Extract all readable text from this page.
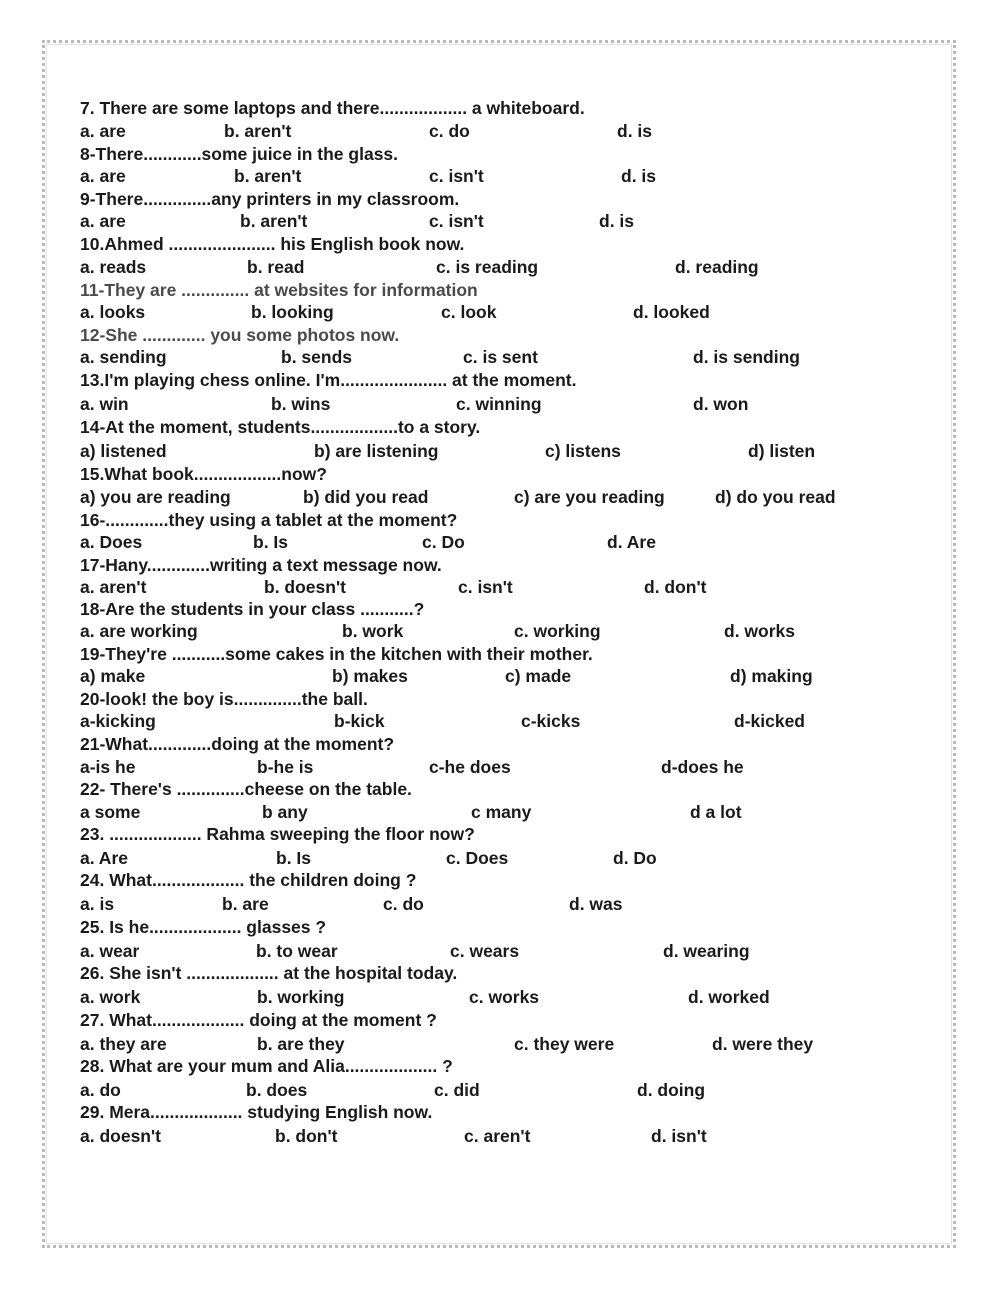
7. There are some laptops and there.................. a whiteboard.
a. are	b. aren't	c. do	d. is
8-There............some juice in the glass.
a. are	b. aren't	c. isn't	d. is
9-There..............any printers in my classroom.
a. are	b. aren't	c. isn't	d. is
10.Ahmed ...................... his English book now.
a. reads	b. read	c. is reading	d. reading
11-They are .............. at websites for information
a. looks	b. looking	c. look	d. looked
12-She ............. you some photos now.
a. sending	b. sends	c. is sent	d. is sending
13.I'm playing chess online. I'm...................... at the moment.
a. win	b. wins	c. winning	d. won
14-At the moment, students..................to a story.
a) listened	b) are listening	c) listens	d) listen
15.What book..................now?
a) you are reading	b) did you read	c) are you reading	d) do you read
16-.............they using a tablet at the moment?
a. Does	b. Is	c. Do	d. Are
17-Hany.............writing a text message now.
a. aren't	b. doesn't	c. isn't	d. don't
18-Are the students in your class ...........?
a. are working	b. work	c. working	d. works
19-They're ...........some cakes in the kitchen with their mother.
a) make	b) makes	c) made	d) making
20-look! the boy is..............the ball.
a-kicking	b-kick	c-kicks	d-kicked
21-What.............doing at the moment?
a-is he	b-he is	c-he does	d-does he
22- There's ..............cheese on the table.
a some	b any	c many	d a lot
23. ................... Rahma sweeping the floor now?
a. Are	b. Is	c. Does	d. Do
24. What................... the children doing ?
a. is	b. are	c. do	d. was
25. Is he................... glasses ?
a. wear	b. to wear	c. wears	d. wearing
26. She isn't ................... at the hospital today.
a. work	b. working	c. works	d. worked
27. What................... doing at the moment ?
a. they are	b. are they	c. they were	d. were they
28. What are your mum and Alia................... ?
a. do	b. does	c. did	d. doing
29. Mera................... studying English now.
a. doesn't	b. don't	c. aren't	d. isn't
